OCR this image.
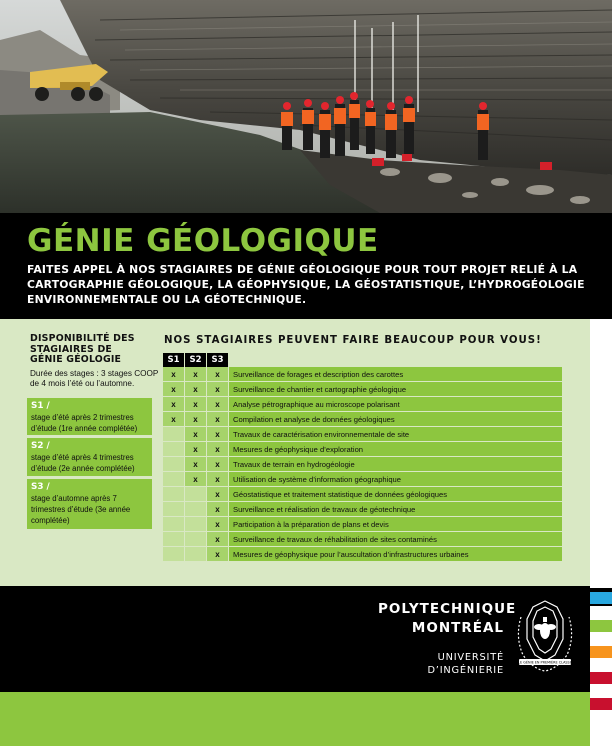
GÉNIE GÉOLOGIQUE

FAITES APPEL À NOS STAGIAIRES DE GÉNIE GÉOLOGIQUE POUR TOUT PROJET RELIÉ À LA CARTOGRAPHIE GÉOLOGIQUE, LA GÉOPHYSIQUE, LA GÉOSTATISTIQUE, L’HYDROGÉOLOGIE ENVIRONNEMENTALE OU LA GÉOTECHNIQUE.

DISPONIBILITÉ DES STAGIAIRES DE GÉNIE GÉOLOGIE

Durée des stages : 3 stages COOP de 4 mois l’été ou l’automne.

S1 /
stage d’été après 2 trimestres d’étude (1re année complétée)
S2 /
stage d’été après 4 trimestres d’étude (2e année complétée)
S3 /
stage d’automne après 7 trimestres d’étude (3e année complétée)

NOS STAGIAIRES PEUVENT FAIRE BEAUCOUP POUR VOUS!

S1	S2	S3	
x	x	x	Surveillance de forages et description des carottes
x	x	x	Surveillance de chantier et cartographie géologique
x	x	x	Analyse pétrographique au microscope polarisant
x	x	x	Compilation et analyse de données géologiques
	x	x	Travaux de caractérisation environnementale de site
	x	x	Mesures de géophysique d’exploration
	x	x	Travaux de terrain en hydrogéologie
	x	x	Utilisation de système d’information géographique
		x	Géostatistique et traitement statistique de données géologiques
		x	Surveillance et réalisation de travaux de géotechnique
		x	Participation à la préparation de plans et devis
		x	Surveillance de travaux de réhabilitation de sites contaminés
		x	Mesures de géophysique pour l’auscultation d’infrastructures urbaines

POLYTECHNIQUE

MONTRÉAL

UNIVERSITÉ

D’INGÉNIERIE

LE GÉNIE EN PREMIÈRE CLASSE
